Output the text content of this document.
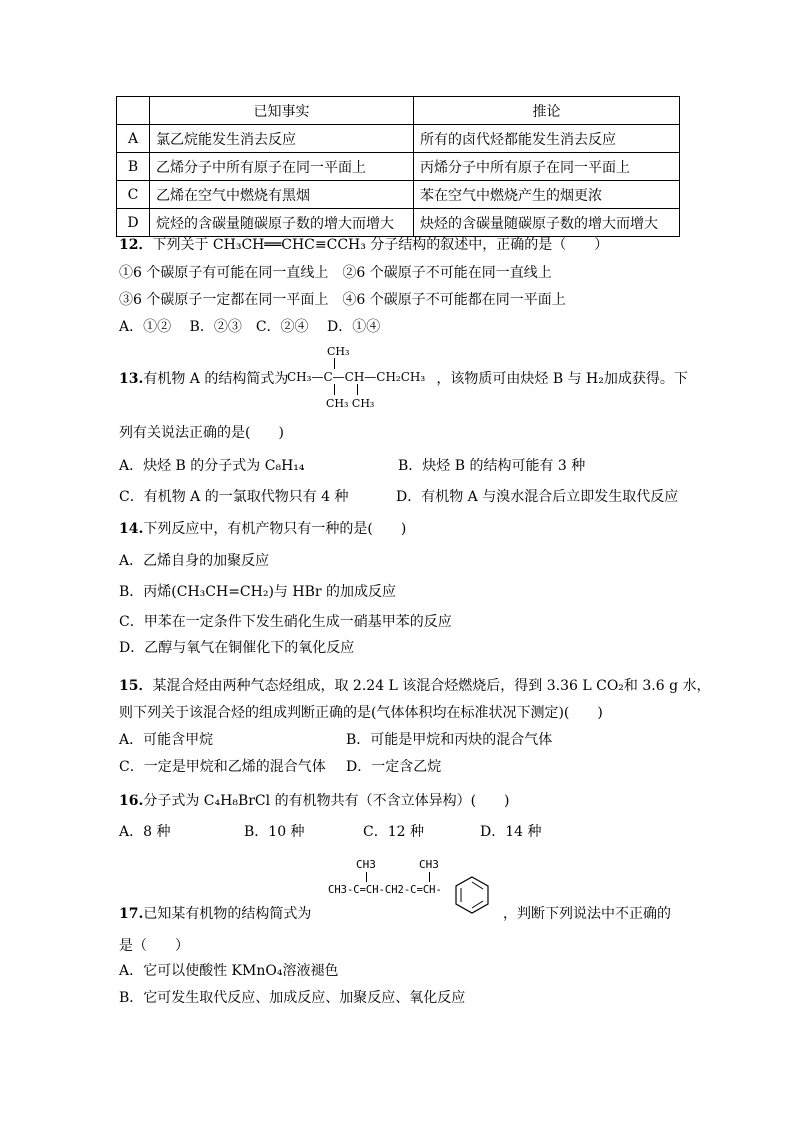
	已知事实	推论
A	氯乙烷能发生消去反应	所有的卤代烃都能发生消去反应
B	乙烯分子中所有原子在同一平面上	丙烯分子中所有原子在同一平面上
C	乙烯在空气中燃烧有黑烟	苯在空气中燃烧产生的烟更浓
D	烷烃的含碳量随碳原子数的增大而增大	炔烃的含碳量随碳原子数的增大而增大
12．下列关于 CH₃CH══CHC≡CCH₃ 分子结构的叙述中，正确的是（　　）
①6 个碳原子有可能在同一直线上　②6 个碳原子不可能在同一直线上
③6 个碳原子一定都在同一平面上　④6 个碳原子不可能都在同一平面上
A．①②　 B．②③　C．②④　 D．①④
13.有机物 A 的结构简式为	，该物质可由炔烃 B 与 H₂加成获得。下
CH₃
CH₃—C—CH—CH₂CH₃
CH₃ CH₃
列有关说法正确的是(　　)
A．炔烃 B 的分子式为 C₈H₁₄	B．炔烃 B 的结构可能有 3 种
C．有机物 A 的一氯取代物只有 4 种	D．有机物 A 与溴水混合后立即发生取代反应
14.下列反应中，有机产物只有一种的是(　　)
A．乙烯自身的加聚反应
B．丙烯(CH₃CH=CH₂)与 HBr 的加成反应
C．甲苯在一定条件下发生硝化生成一硝基甲苯的反应
D．乙醇与氧气在铜催化下的氧化反应
15．某混合烃由两种气态烃组成，取 2.24 L 该混合烃燃烧后，得到 3.36 L CO₂和 3.6 g 水，
则下列关于该混合烃的组成判断正确的是(气体体积均在标准状况下测定)(　　)
A．可能含甲烷	B．可能是甲烷和丙炔的混合气体
C．一定是甲烷和乙烯的混合气体 D．一定含乙烷
16.分子式为 C₄H₈BrCl 的有机物共有（不含立体异构）(　　)
A．8 种	B．10 种	C．12 种	D．14 种
CH3	CH3
CH3-C=CH-CH2-C=CH-
17.已知某有机物的结构简式为	，判断下列说法中不正确的
是（　　）
A．它可以使酸性 KMnO₄溶液褪色
B．它可发生取代反应、加成反应、加聚反应、氧化反应
